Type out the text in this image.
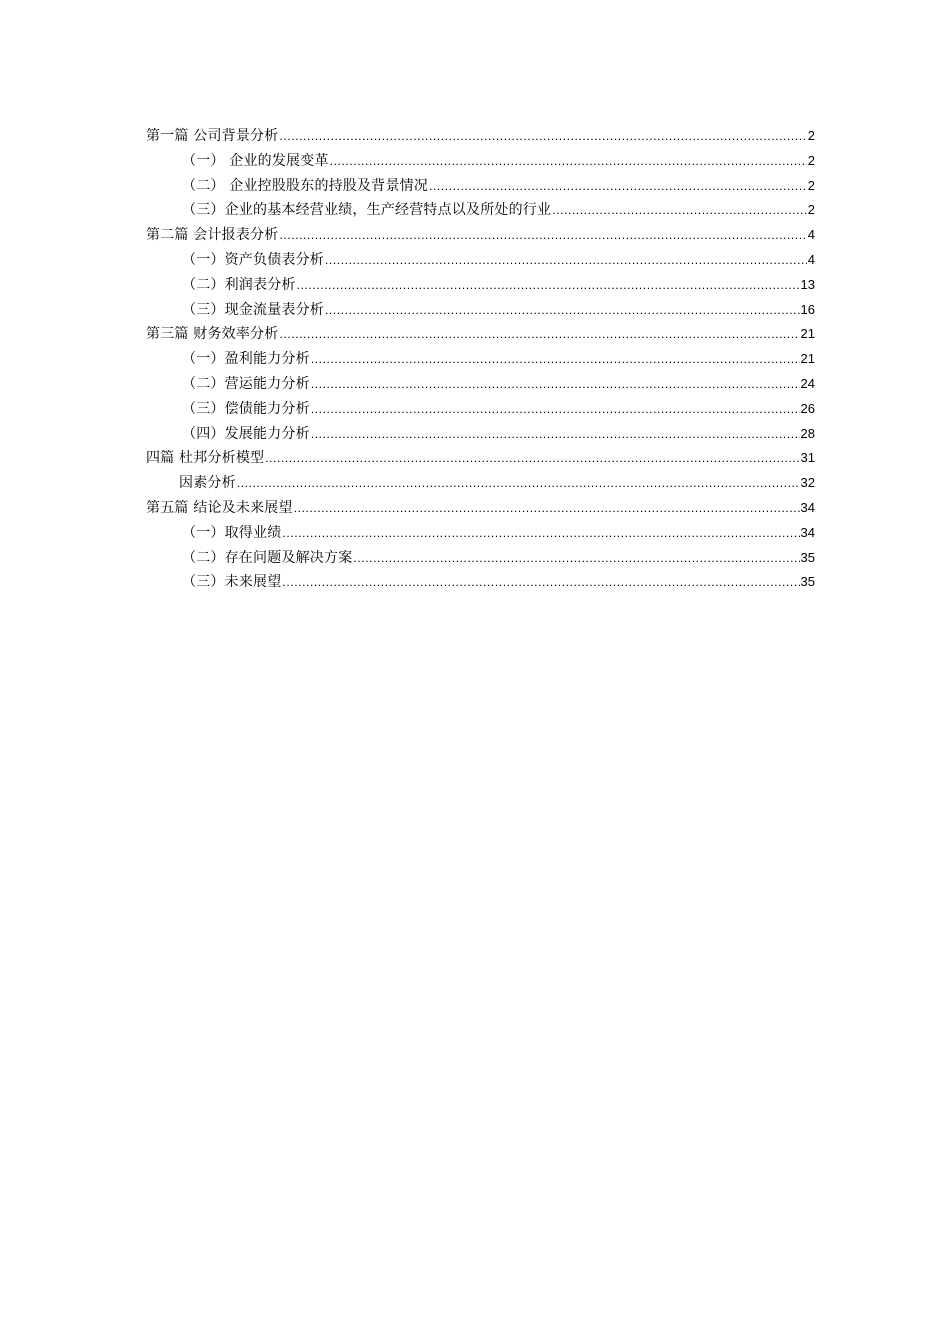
第一篇 公司背景分析 .....	2
（一） 企业的发展变革 .....	2
（二） 企业控股股东的持股及背景情况 .....	2
（三）企业的基本经营业绩，生产经营特点以及所处的行业 .....	2
第二篇 会计报表分析 .....	4
（一）资产负债表分析 .....	4
（二）利润表分析 .....	13
（三）现金流量表分析 .....	16
第三篇 财务效率分析 .....	21
（一）盈利能力分析 .....	21
（二）营运能力分析 .....	24
（三）偿债能力分析 .....	26
（四）发展能力分析 .....	28
四篇 杜邦分析模型 .....	31
因素分析 .....	32
第五篇 结论及未来展望 .....	34
（一）取得业绩 .....	34
（二）存在问题及解决方案 .....	35
（三）未来展望 .....	35
